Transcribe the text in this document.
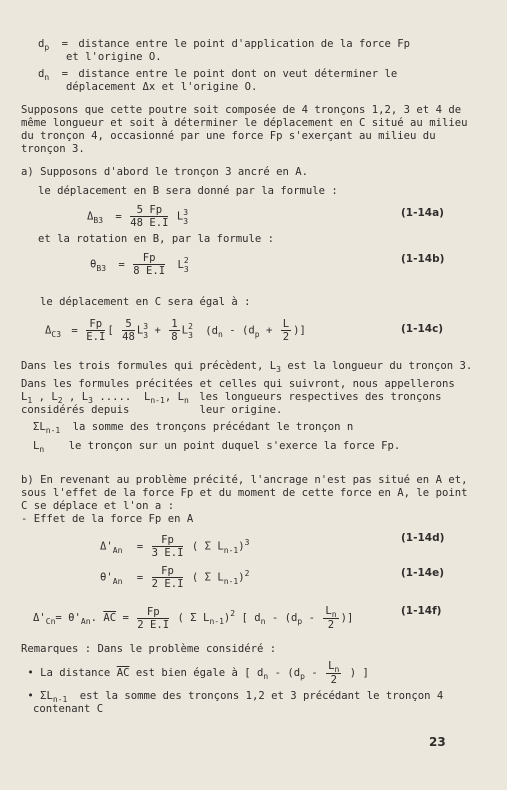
$d_p$ = distance entre le point d'application de la force Fp
et l'origine O.
$d_n$ = distance entre le point dont on veut déterminer le
déplacement Δx et l'origine O.
Supposons que cette poutre soit composée de 4 tronçons 1,2, 3 et 4 de
même longueur et soit à déterminer le déplacement en C situé au milieu
du tronçon 4, occasionné par une force Fp s'exerçant au milieu du
tronçon 3.
a) Supposons d'abord le tronçon 3 ancré en A.
le déplacement en B sera donné par la formule :
$\Delta_{B3} = \frac{5 Fp}{48 E.I}$ L 3
3
(1-14a)
et la rotation en B, par la formule :
$\theta_{B3} = \frac{Fp}{8 E.I}$ L 2
3
(1-14b)
le déplacement en C sera égal à :
$\Delta_{C3} = \frac{Fp}{E.I}$ [ $\frac{5}{48}$ L 3
$3 + \frac{1}{8}$ L 2
3 ($d_n - (d_p + \frac{L}{2}$ )]	(1-14c)
Dans les trois formules qui précèdent, $L_3$ est la longueur du tronçon 3.
Dans les formules précitées et celles qui suivront, nous appellerons
$L_1$ , $L_2$ , $L_3$ .....  $L_{n-1}$, $L_n$ les longueurs respectives des tronçons
considérés depuis	leur origine.
$\Sigma L_{n-1}$ la somme des tronçons précédant le tronçon n
$L_n$ le tronçon sur un point duquel s'exerce la force Fp.
b) En revenant au problème précité, l'ancrage n'est pas situé en A et,
sous l'effet de la force Fp et du moment de cette force en A, le point
C se déplace et l'on a :
- Effet de la force Fp en A
$\Delta'_{An} = \frac{Fp}{3 E.I}$ ( Σ $L_{n-1})^3$	(1-14d)
$\theta'_{An} = \frac{Fp}{2 E.I}$ ( Σ $L_{n-1})^2$	(1-14e)
$\Delta'_{Cn}= \theta'_{An}$. $\overline{AC} = \frac{Fp}{2 E.I}$ ( Σ $L_{n-1})^2$ [ $d_n - (d_p - \frac{L_n}{2}$ )]
(1-14f)
Remarques : Dans le problème considéré :
• La distance $\overline{AC}$ est bien égale à [ $d_n - (d_p - \frac{L_n}{2}$ ) ]
• $\Sigma L_{n-1}$ est la somme des tronçons 1,2 et 3 précédant le tronçon 4
contenant C
23
